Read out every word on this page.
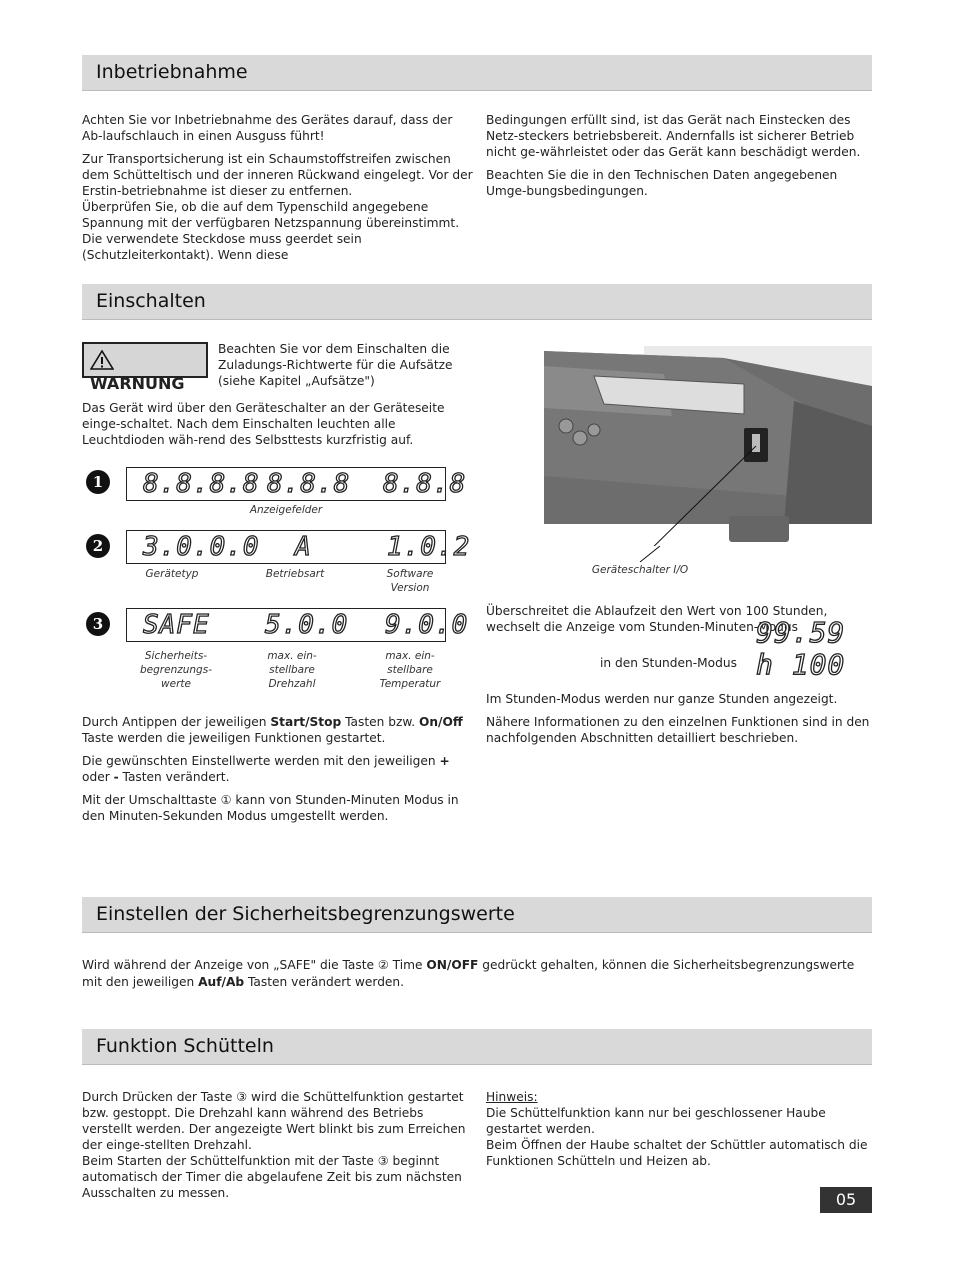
Inbetriebnahme

Achten Sie vor Inbetriebnahme des Gerätes darauf, dass der Ab-laufschlauch in einen Ausguss führt!

Zur Transportsicherung ist ein Schaumstoffstreifen zwischen dem Schütteltisch und der inneren Rückwand eingelegt. Vor der Erstin-betriebnahme ist dieser zu entfernen.

Überprüfen Sie, ob die auf dem Typenschild angegebene Spannung mit der verfügbaren Netzspannung übereinstimmt. Die verwendete Steckdose muss geerdet sein (Schutzleiterkontakt). Wenn diese

Bedingungen erfüllt sind, ist das Gerät nach Einstecken des Netz-steckers betriebsbereit. Andernfalls ist sicherer Betrieb nicht ge-währleistet oder das Gerät kann beschädigt werden.

Beachten Sie die in den Technischen Daten angegebenen Umge-bungsbedingungen.

Einschalten
WARNUNG
Beachten Sie vor dem Einschalten die Zuladungs-Richtwerte für die Aufsätze (siehe Kapitel „Aufsätze")
Das Gerät wird über den Geräteschalter an der Geräteseite einge-schaltet. Nach dem Einschalten leuchten alle Leuchtdioden wäh-rend des Selbsttests kurzfristig auf.
1 8.8.8.8 8.8.8 8.8.8
Anzeigefelder
2 3.0.0.0 A	1.0.2
Gerätetyp	Betriebsart	Software Version
3 SAFE 5.0.0 9.0.0
Sicherheits-begrenzungs-werte
max. ein-stellbare Drehzahl
max. ein-stellbare Temperatur

Durch Antippen der jeweiligen Start/Stop Tasten bzw. On/Off Taste werden die jeweiligen Funktionen gestartet.

Die gewünschten Einstellwerte werden mit den jeweiligen + oder - Tasten verändert.

Mit der Umschalttaste ① kann von Stunden-Minuten Modus in den Minuten-Sekunden Modus umgestellt werden.

Geräteschalter I/O
Überschreitet die Ablaufzeit den Wert von 100 Stunden, wechselt die Anzeige vom Stunden-Minuten-Modus
99.59
in den Stunden-Modus h 100

Im Stunden-Modus werden nur ganze Stunden angezeigt.

Nähere Informationen zu den einzelnen Funktionen sind in den nachfolgenden Abschnitten detailliert beschrieben.

Einstellen der Sicherheitsbegrenzungswerte
Wird während der Anzeige von „SAFE" die Taste ② Time ON/OFF gedrückt gehalten, können die Sicherheitsbegrenzungswerte mit den jeweiligen Auf/Ab Tasten verändert werden.
Funktion Schütteln

Durch Drücken der Taste ③ wird die Schüttelfunktion gestartet bzw. gestoppt. Die Drehzahl kann während des Betriebs verstellt werden. Der angezeigte Wert blinkt bis zum Erreichen der einge-stellten Drehzahl.

Beim Starten der Schüttelfunktion mit der Taste ③ beginnt automatisch der Timer die abgelaufene Zeit bis zum nächsten Ausschalten zu messen.

Hinweis:

Die Schüttelfunktion kann nur bei geschlossener Haube gestartet werden.

Beim Öffnen der Haube schaltet der Schüttler automatisch die Funktionen Schütteln und Heizen ab.

05
